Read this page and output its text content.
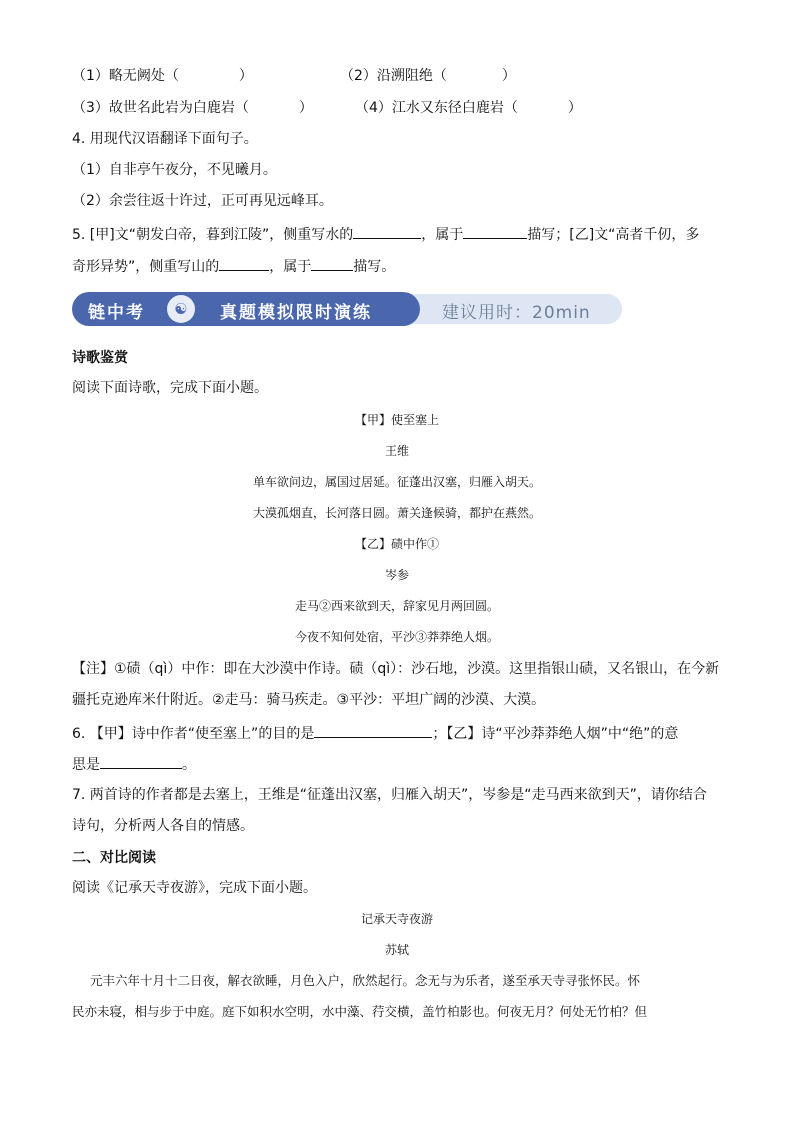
（1）略无阙处（	）	（2）沿溯阻绝（	）
（3）故世名此岩为白鹿岩（	）	（4）江水又东径白鹿岩（	）
4. 用现代汉语翻译下面句子。
（1）自非亭午夜分，不见曦月。
（2）余尝往返十许过，正可再见远峰耳。
5. [甲]文“朝发白帝，暮到江陵”，侧重写水的	，属于	描写；[乙]文“高者千仞，多
奇形异势”，侧重写山的	，属于	描写。
链中考	☯	真题模拟限时演练	建议用时：20min
诗歌鉴赏
阅读下面诗歌，完成下面小题。
【甲】使至塞上
王维
单车欲问边，属国过居延。征蓬出汉塞，归雁入胡天。
大漠孤烟直，长河落日圆。萧关逢候骑，都护在燕然。
【乙】碛中作①
岑参
走马②西来欲到天，辞家见月两回圆。
今夜不知何处宿，平沙③莽莽绝人烟。
【注】①碛（qì）中作：即在大沙漠中作诗。碛（qì）：沙石地，沙漠。这里指银山碛，又名银山，在今新
疆托克逊库米什附近。②走马：骑马疾走。③平沙：平坦广阔的沙漠、大漠。
6. 【甲】诗中作者“使至塞上”的目的是	；【乙】诗“平沙莽莽绝人烟”中“绝”的意
思是	。
7. 两首诗的作者都是去塞上，王维是“征蓬出汉塞，归雁入胡天”，岑参是“走马西来欲到天”，请你结合
诗句，分析两人各自的情感。
二、对比阅读
阅读《记承天寺夜游》，完成下面小题。
记承天寺夜游
苏轼
元丰六年十月十二日夜，解衣欲睡，月色入户，欣然起行。念无与为乐者，遂至承天寺寻张怀民。怀
民亦未寝，相与步于中庭。庭下如积水空明，水中藻、荇交横，盖竹柏影也。何夜无月？何处无竹柏？但
